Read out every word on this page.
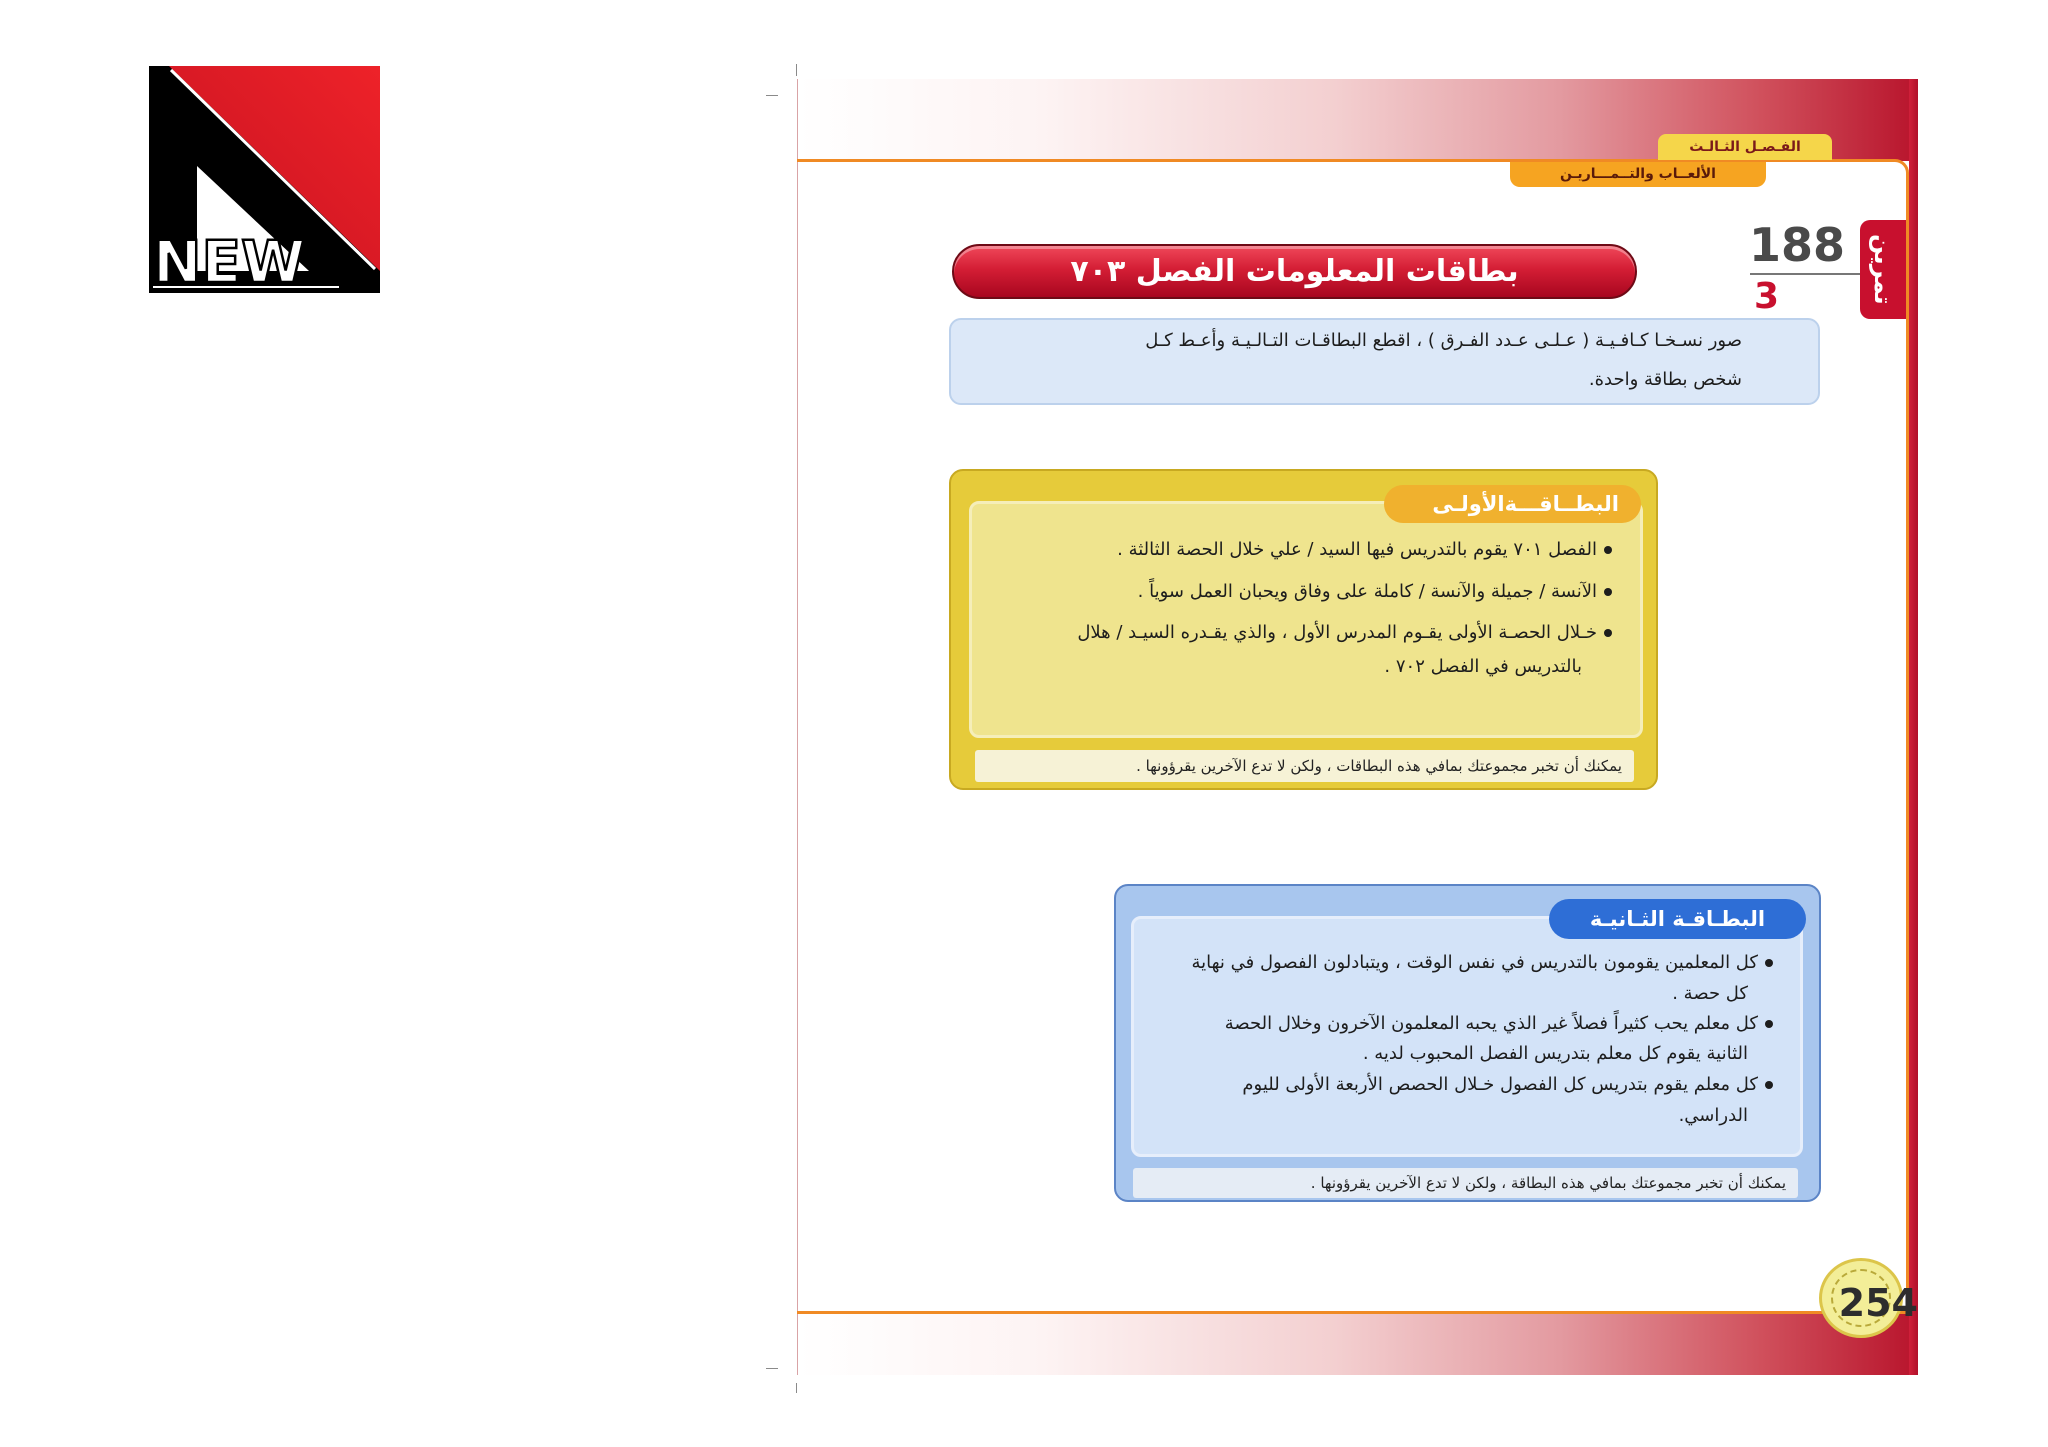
NEW
الفـصـل الثـالـث
الألعــاب والتــمـــاريـن
تمرين
188
3
بطاقات المعلومات الفصل ٧٠٣
صور نسـخـا كـافـيـة ( عـلـى عـدد الفـرق ) ، اقطع البطاقـات التـالـيـة وأعـط كـل
شخص بطاقة واحدة.
البطــاقـــةالأولـى
الفصل ٧٠١ يقوم بالتدريس فيها السيد / علي خلال الحصة الثالثة .
الآنسة / جميلة والآنسة / كاملة على وفاق ويحبان العمل سوياً .
خـلال الحصـة الأولى يقـوم المدرس الأول ، والذي يقـدره السيـد / هلال
بالتدريس في الفصل ٧٠٢ .
يمكنك أن تخبر مجموعتك بمافي هذه البطاقات ، ولكن لا تدع الآخرين يقرؤونها .
البطـاقـة الثـانيـة
كل المعلمين يقومون بالتدريس في نفس الوقت ، ويتبادلون الفصول في نهاية
كل حصة .
كل معلم يحب كثيراً فصلاً غير الذي يحبه المعلمون الآخرون وخلال الحصة
الثانية يقوم كل معلم بتدريس الفصل المحبوب لديه .
كل معلم يقوم بتدريس كل الفصول خـلال الحصص الأربعة الأولى لليوم
الدراسي.
يمكنك أن تخبر مجموعتك بمافي هذه البطاقة ، ولكن لا تدع الآخرين يقرؤونها .
254
